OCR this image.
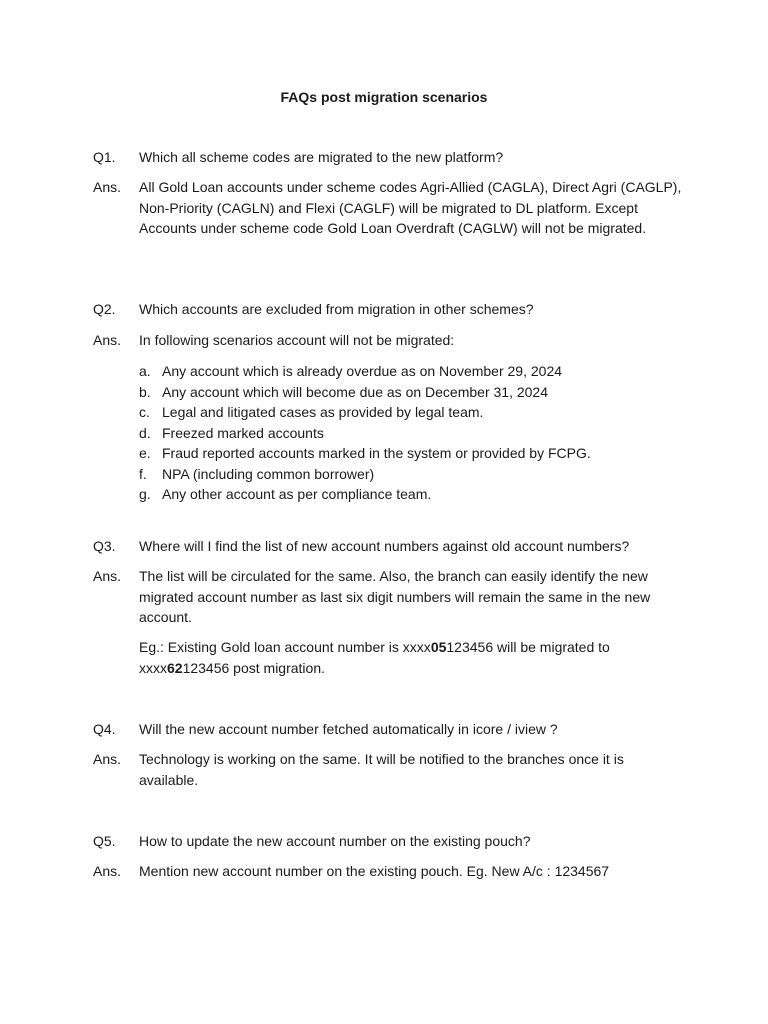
FAQs post migration scenarios
Q1.	Which all scheme codes are migrated to the new platform?
Ans.	All Gold Loan accounts under scheme codes Agri-Allied (CAGLA), Direct Agri (CAGLP), Non-Priority (CAGLN) and Flexi (CAGLF) will be migrated to DL platform. Except Accounts under scheme code Gold Loan Overdraft (CAGLW) will not be migrated.
Q2.	Which accounts are excluded from migration in other schemes?
Ans.	In following scenarios account will not be migrated:
a. Any account which is already overdue as on November 29, 2024
b. Any account which will become due as on December 31, 2024
c. Legal and litigated cases as provided by legal team.
d. Freezed marked accounts
e. Fraud reported accounts marked in the system or provided by FCPG.
f.	NPA (including common borrower)
g. Any other account as per compliance team.
Q3.	Where will I find the list of new account numbers against old account numbers?
Ans.	The list will be circulated for the same. Also, the branch can easily identify the new migrated account number as last six digit numbers will remain the same in the new account.
Eg.: Existing Gold loan account number is xxxx05123456 will be migrated to
xxxx62123456 post migration.
Q4.	Will the new account number fetched automatically in icore / iview ?
Ans.	Technology is working on the same. It will be notified to the branches once it is available.
Q5.	How to update the new account number on the existing pouch?
Ans.	Mention new account number on the existing pouch. Eg. New A/c : 1234567
